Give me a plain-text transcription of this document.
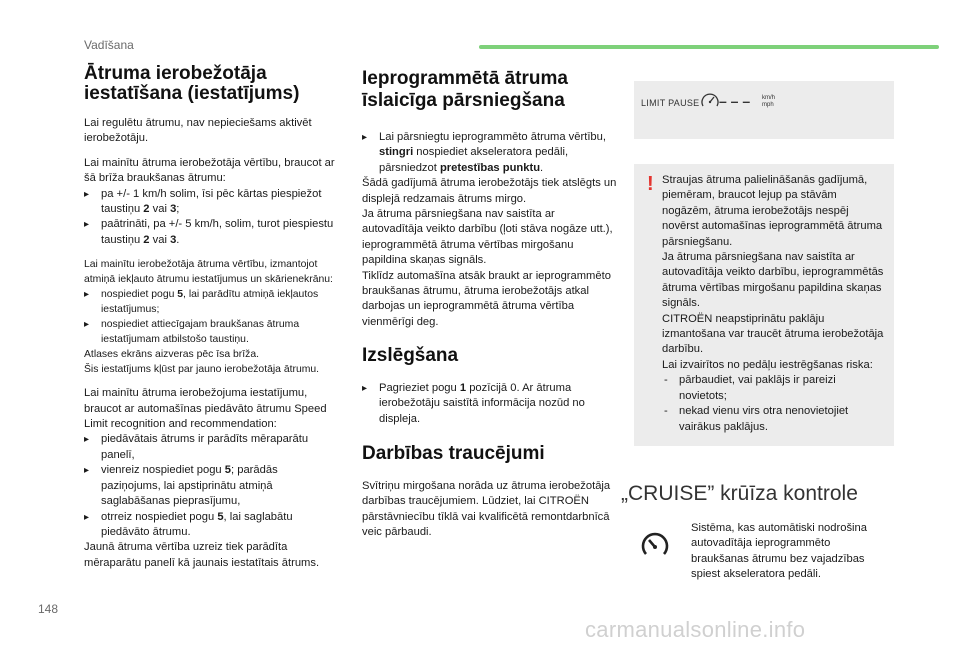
Vadīšana
Ātruma ierobežotāja
iestatīšana (iestatījums)

Lai regulētu ātrumu, nav nepieciešams aktivēt ierobežotāju.

Lai mainītu ātruma ierobežotāja vērtību, braucot ar šā brīža braukšanas ātrumu:

▸ pa +/- 1 km/h solim, īsi pēc kārtas piespiežot taustiņu 2 vai 3;
▸ paātrināti, pa +/- 5 km/h, solim, turot piespiestu taustiņu 2 vai 3.
Lai mainītu ierobežotāja ātruma vērtību, izmantojot atmiņā iekļauto ātrumu iestatījumus un skārienekrānu:
▸ nospiediet pogu 5, lai parādītu atmiņā iekļautos iestatījumus;
▸ nospiediet attiecīgajam braukšanas ātruma iestatījumam atbilstošo taustiņu.
Atlases ekrāns aizveras pēc īsa brīža.
Šis iestatījums kļūst par jauno ierobežotāja ātrumu.
Lai mainītu ātruma ierobežojuma iestatījumu, braucot ar automašīnas piedāvāto ātrumu Speed Limit recognition and recommendation:
▸ piedāvātais ātrums ir parādīts mēraparātu panelī,
▸ vienreiz nospiediet pogu 5; parādās paziņojums, lai apstiprinātu atmiņā saglabāšanas pieprasījumu,
▸ otrreiz nospiediet pogu 5, lai saglabātu piedāvāto ātrumu.
Jaunā ātruma vērtība uzreiz tiek parādīta mēraparātu panelī kā jaunais iestatītais ātrums.
Ieprogrammētā ātruma
īslaicīga pārsniegšana
▸ Lai pārsniegtu ieprogrammēto ātruma vērtību, stingri nospiediet akseleratora pedāli, pārsniedzot pretestības punktu.
Šādā gadījumā ātruma ierobežotājs tiek atslēgts un displejā redzamais ātrums mirgo.
Ja ātruma pārsniegšana nav saistīta ar autovadītāja veikto darbību (ļoti stāva nogāze utt.), ieprogrammētā ātruma vērtības mirgošanu papildina skaņas signāls.
Tiklīdz automašīna atsāk braukt ar ieprogrammēto braukšanas ātrumu, ātruma ierobežotājs atkal darbojas un ieprogrammētā ātruma vērtība vienmērīgi deg.
Izslēgšana
▸ Pagrieziet pogu 1 pozīcijā 0. Ar ātruma ierobežotāju saistītā informācija nozūd no displeja.
Darbības traucējumi
Svītriņu mirgošana norāda uz ātruma ierobežotāja darbības traucējumiem. Lūdziet, lai CITROËN pārstāvniecību tīklā vai kvalificētā remontdarbnīcā veic pārbaudi.
LIMIT PAUSE – – – km/h
mph
! Straujas ātruma palielināšanās gadījumā, piemēram, braucot lejup pa stāvām nogāzēm, ātruma ierobežotājs nespēj novērst automašīnas ieprogrammētā ātruma pārsniegšanu.
Ja ātruma pārsniegšana nav saistīta ar autovadītāja veikto darbību, ieprogrammētās ātruma vērtības mirgošanu papildina skaņas signāls.
CITROËN neapstiprinātu paklāju izmantošana var traucēt ātruma ierobežotāja darbību.
Lai izvairītos no pedāļu iestrēgšanas riska:
- pārbaudiet, vai paklājs ir pareizi novietots;
- nekad vienu virs otra nenovietojiet vairākus paklājus.
„CRUISE” krūīza kontrole
Sistēma, kas automātiski nodrošina autovadītāja ieprogrammēto braukšanas ātrumu bez vajadzības spiest akseleratora pedāli.
148
carmanualsonline.info
